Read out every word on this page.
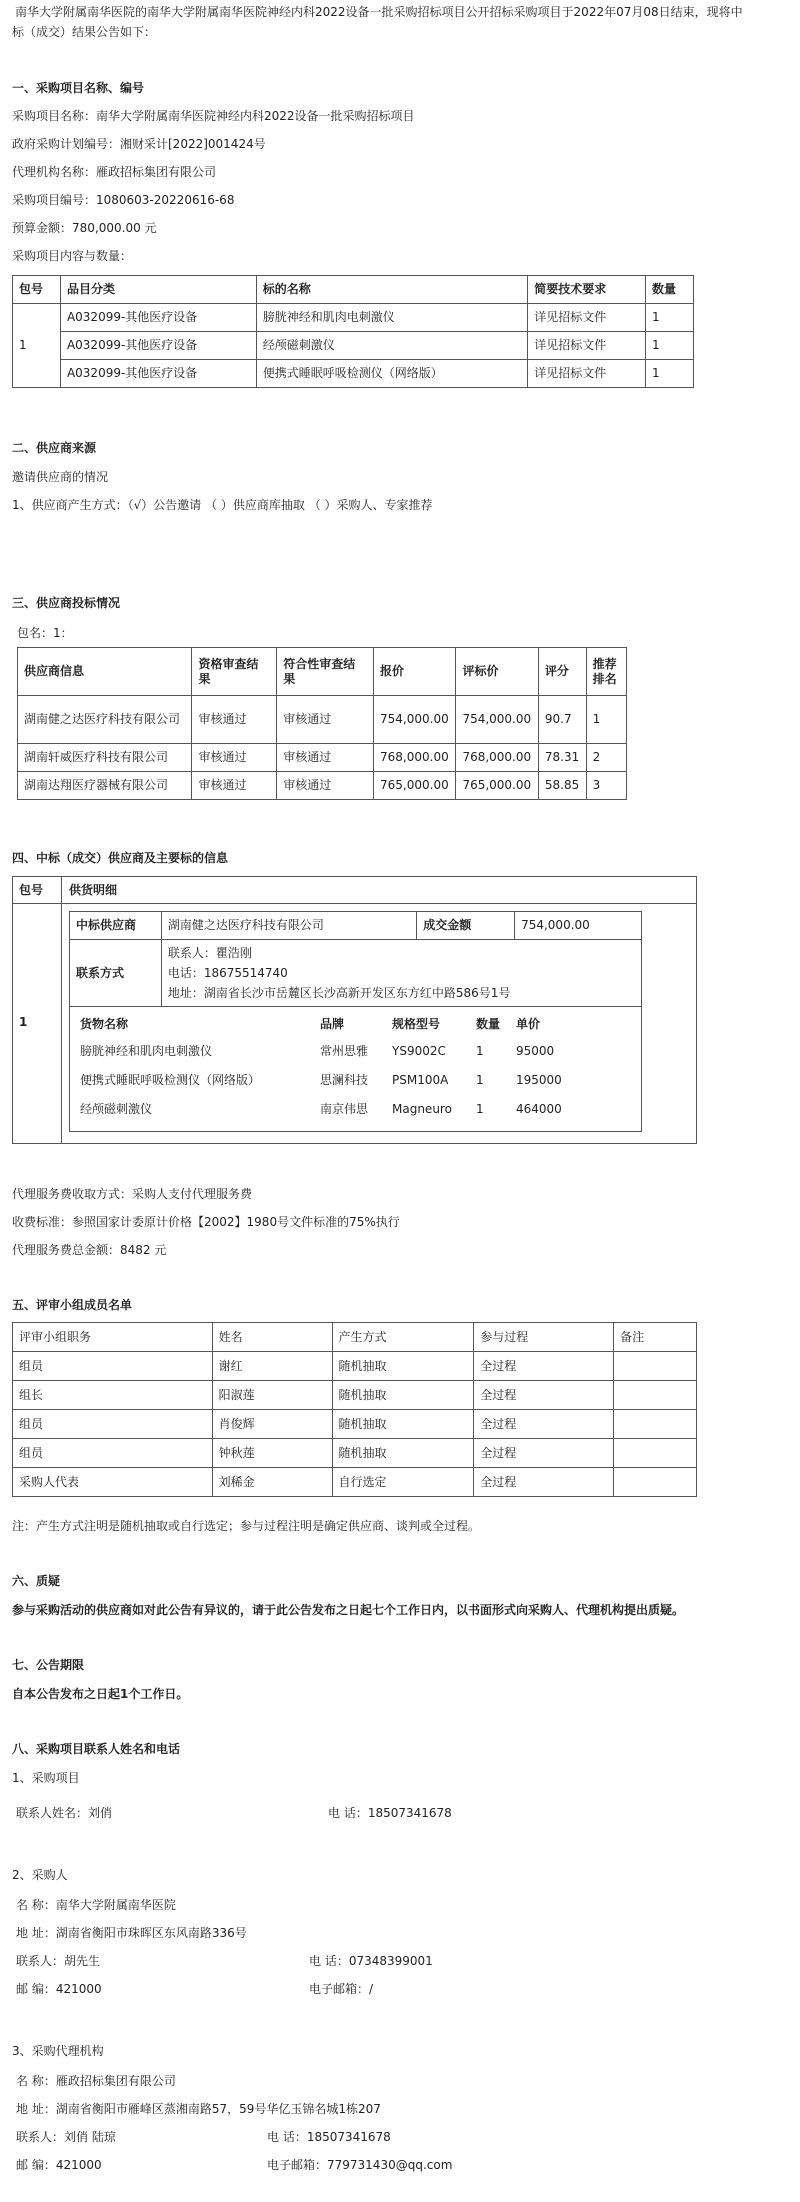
南华大学附属南华医院的南华大学附属南华医院神经内科2022设备一批采购招标项目公开招标采购项目于2022年07月08日结束，现将中
标（成交）结果公告如下：
一、采购项目名称、编号
采购项目名称：南华大学附属南华医院神经内科2022设备一批采购招标项目
政府采购计划编号：湘财采计[2022]001424号
代理机构名称：雁政招标集团有限公司
采购项目编号：1080603-20220616-68
预算金额：780,000.00 元
采购项目内容与数量：
包号	品目分类	标的名称	简要技术要求	数量
1	A032099-其他医疗设备	膀胱神经和肌肉电刺激仪	详见招标文件	1
	A032099-其他医疗设备	经颅磁刺激仪	详见招标文件	1
	A032099-其他医疗设备	便携式睡眠呼吸检测仪（网络版）	详见招标文件	1
二、供应商来源
邀请供应商的情况
1、供应商产生方式：（√）公告邀请 （ ）供应商库抽取 （ ）采购人、专家推荐
三、供应商投标情况
包名：1：
供应商信息	资格审查结果	符合性审查结果	报价	评标价	评分	推荐排名
湖南健之达医疗科技有限公司	审核通过	审核通过	754,000.00	754,000.00	90.7	1
湖南轩威医疗科技有限公司	审核通过	审核通过	768,000.00	768,000.00	78.31	2
湖南达翔医疗器械有限公司	审核通过	审核通过	765,000.00	765,000.00	58.85	3
四、中标（成交）供应商及主要标的信息
包号 供货明细
1
中标供应商	湖南健之达医疗科技有限公司	成交金额	754,000.00
联系方式	
联系人：瞿浩刚
电话：18675514740
地址：湖南省长沙市岳麓区长沙高新开发区东方红中路586号1号

货物名称	品牌	规格型号	数量	单价
膀胱神经和肌肉电刺激仪	常州思雅	YS9002C	1	95000
便携式睡眠呼吸检测仪（网络版）	思澜科技	PSM100A	1	195000
经颅磁刺激仪	南京伟思	Magneuro	1	464000
代理服务费收取方式：采购人支付代理服务费
收费标准：参照国家计委原计价格【2002】1980号文件标准的75%执行
代理服务费总金额：8482 元
五、评审小组成员名单
评审小组职务	姓名	产生方式	参与过程	备注
组员	谢红	随机抽取	全过程	
组长	阳淑莲	随机抽取	全过程	
组员	肖俊辉	随机抽取	全过程	
组员	钟秋莲	随机抽取	全过程	
采购人代表	刘稀金	自行选定	全过程	
注：产生方式注明是随机抽取或自行选定；参与过程注明是确定供应商、谈判或全过程。
六、质疑
参与采购活动的供应商如对此公告有异议的，请于此公告发布之日起七个工作日内，以书面形式向采购人、代理机构提出质疑。
七、公告期限
自本公告发布之日起1个工作日。
八、采购项目联系人姓名和电话
1、采购项目
联系人姓名：刘俏	电 话：18507341678
2、采购人
名 称：南华大学附属南华医院
地 址：湖南省衡阳市珠晖区东风南路336号
联系人：胡先生	电 话：07348399001
邮 编：421000	电子邮箱：/
3、采购代理机构
名 称：雁政招标集团有限公司
地 址：湖南省衡阳市雁峰区蒸湘南路57，59号华亿玉锦名城1栋207
联系人：刘俏 陆琼	电 话：18507341678
邮 编：421000	电子邮箱：779731430@qq.com
